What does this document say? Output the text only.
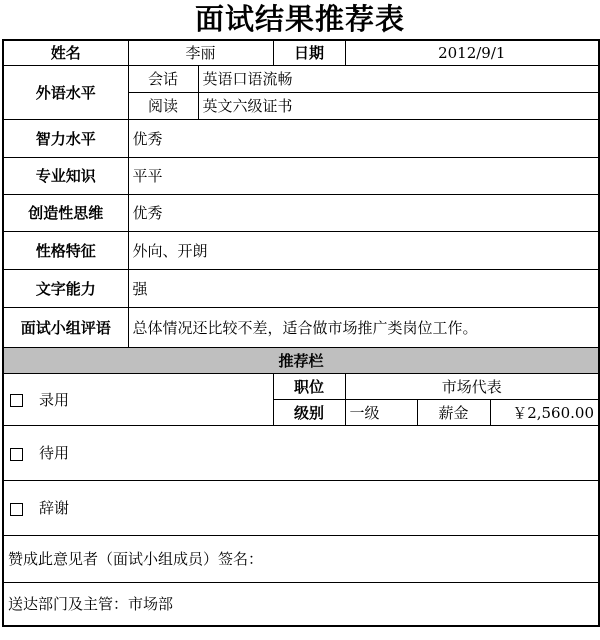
面试结果推荐表
姓名	李丽		日期	2012/9/1		
外语水平	会话	英语口语流畅				
	阅读	英文六级证书				
智力水平	优秀					
专业知识	平平					
创造性思维	优秀					
性格特征	外向、开朗					
文字能力	强					
面试小组评语	总体情况还比较不差，适合做市场推广类岗位工作。					
推荐栏						
录用			职位	市场代表		
			级别	一级	薪金	￥2,560.00
待用						
辞谢						
赞成此意见者（面试小组成员）签名：						
送达部门及主管：市场部						
